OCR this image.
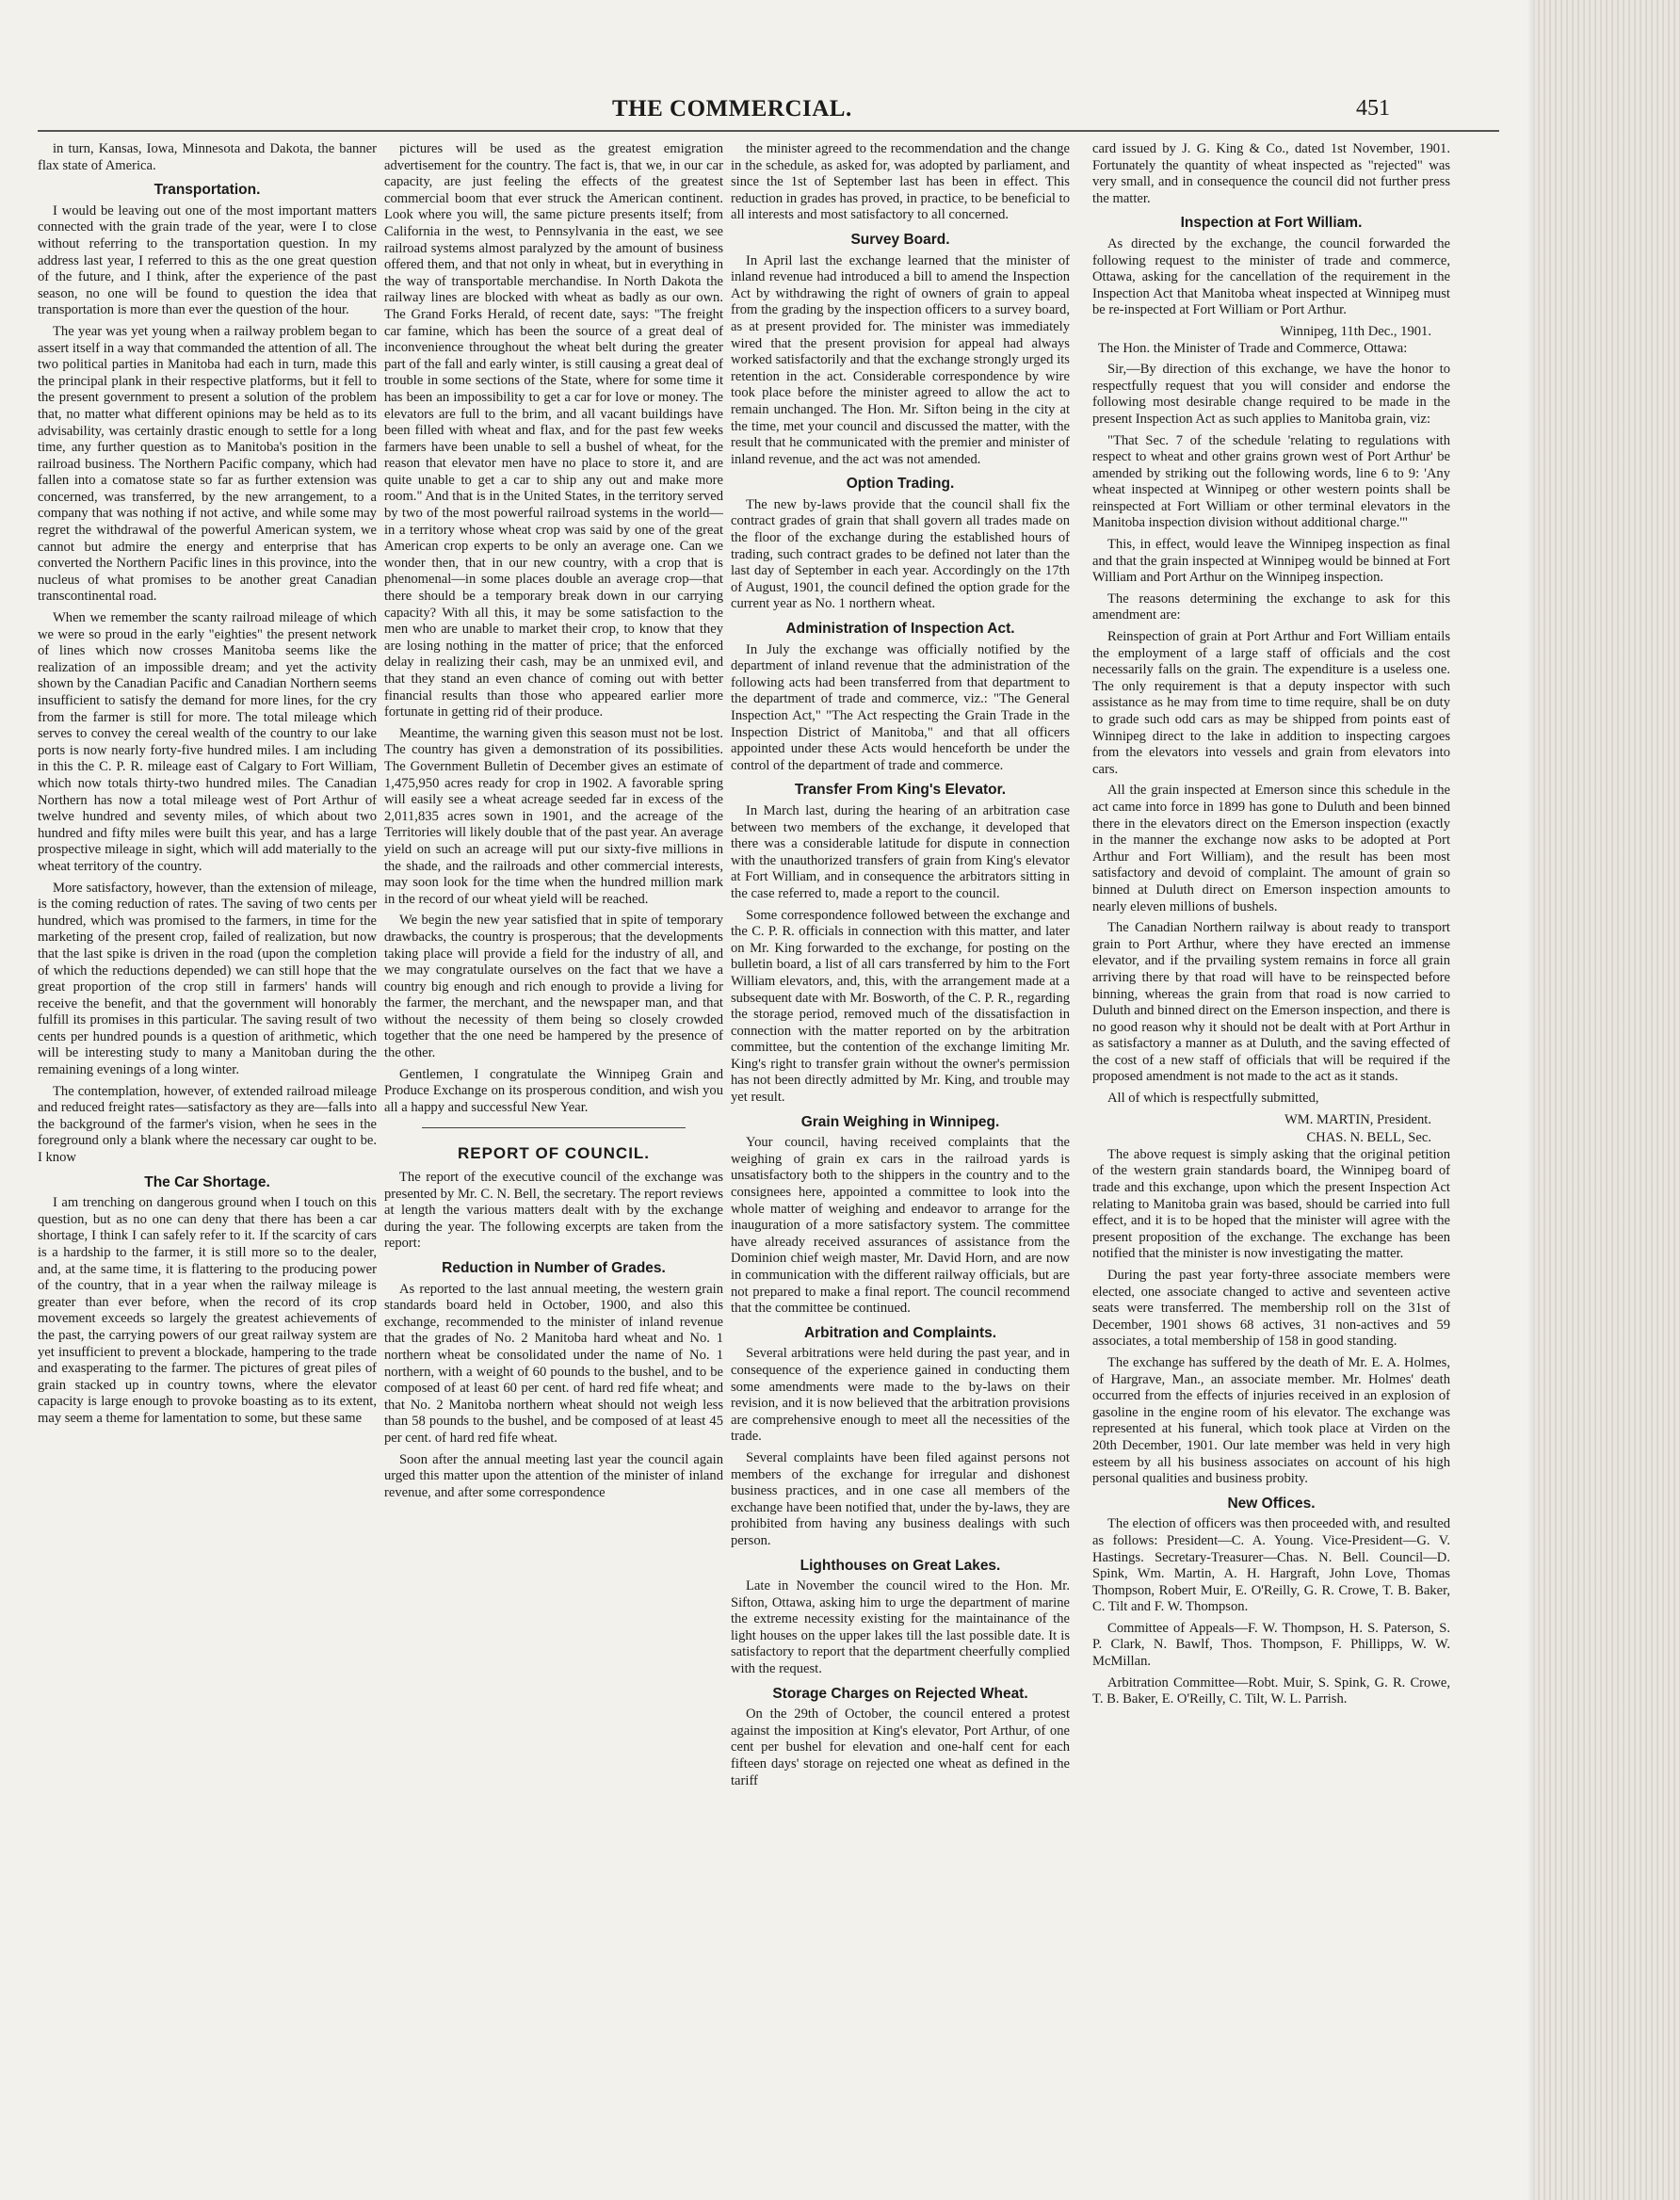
THE COMMERCIAL.	451

in turn, Kansas, Iowa, Minnesota and Dakota, the banner flax state of America.

Transportation.

I would be leaving out one of the most important matters connected with the grain trade of the year, were I to close without referring to the transportation question. In my address last year, I referred to this as the one great question of the future, and I think, after the experience of the past season, no one will be found to question the idea that transportation is more than ever the question of the hour.

The year was yet young when a railway problem began to assert itself in a way that commanded the attention of all. The two political parties in Manitoba had each in turn, made this the principal plank in their respective platforms, but it fell to the present government to present a solution of the problem that, no matter what different opinions may be held as to its advisability, was certainly drastic enough to settle for a long time, any further question as to Manitoba's position in the railroad business. The Northern Pacific company, which had fallen into a comatose state so far as further extension was concerned, was transferred, by the new arrangement, to a company that was nothing if not active, and while some may regret the withdrawal of the powerful American system, we cannot but admire the energy and enterprise that has converted the Northern Pacific lines in this province, into the nucleus of what promises to be another great Canadian transcontinental road.

When we remember the scanty railroad mileage of which we were so proud in the early "eighties" the present network of lines which now crosses Manitoba seems like the realization of an impossible dream; and yet the activity shown by the Canadian Pacific and Canadian Northern seems insufficient to satisfy the demand for more lines, for the cry from the farmer is still for more. The total mileage which serves to convey the cereal wealth of the country to our lake ports is now nearly forty-five hundred miles. I am including in this the C. P. R. mileage east of Calgary to Fort William, which now totals thirty-two hundred miles. The Canadian Northern has now a total mileage west of Port Arthur of twelve hundred and seventy miles, of which about two hundred and fifty miles were built this year, and has a large prospective mileage in sight, which will add materially to the wheat territory of the country.

More satisfactory, however, than the extension of mileage, is the coming reduction of rates. The saving of two cents per hundred, which was promised to the farmers, in time for the marketing of the present crop, failed of realization, but now that the last spike is driven in the road (upon the completion of which the reductions depended) we can still hope that the great proportion of the crop still in farmers' hands will receive the benefit, and that the government will honorably fulfill its promises in this particular. The saving result of two cents per hundred pounds is a question of arithmetic, which will be interesting study to many a Manitoban during the remaining evenings of a long winter.

The contemplation, however, of extended railroad mileage and reduced freight rates—satisfactory as they are—falls into the background of the farmer's vision, when he sees in the foreground only a blank where the necessary car ought to be. I know

The Car Shortage.

I am trenching on dangerous ground when I touch on this question, but as no one can deny that there has been a car shortage, I think I can safely refer to it. If the scarcity of cars is a hardship to the farmer, it is still more so to the dealer, and, at the same time, it is flattering to the producing power of the country, that in a year when the railway mileage is greater than ever before, when the record of its crop movement exceeds so largely the greatest achievements of the past, the carrying powers of our great railway system are yet insufficient to prevent a blockade, hampering to the trade and exasperating to the farmer. The pictures of great piles of grain stacked up in country towns, where the elevator capacity is large enough to provoke boasting as to its extent, may seem a theme for lamentation to some, but these same

pictures will be used as the greatest emigration advertisement for the country. The fact is, that we, in our car capacity, are just feeling the effects of the greatest commercial boom that ever struck the American continent. Look where you will, the same picture presents itself; from California in the west, to Pennsylvania in the east, we see railroad systems almost paralyzed by the amount of business offered them, and that not only in wheat, but in everything in the way of transportable merchandise. In North Dakota the railway lines are blocked with wheat as badly as our own. The Grand Forks Herald, of recent date, says: "The freight car famine, which has been the source of a great deal of inconvenience throughout the wheat belt during the greater part of the fall and early winter, is still causing a great deal of trouble in some sections of the State, where for some time it has been an impossibility to get a car for love or money. The elevators are full to the brim, and all vacant buildings have been filled with wheat and flax, and for the past few weeks farmers have been unable to sell a bushel of wheat, for the reason that elevator men have no place to store it, and are quite unable to get a car to ship any out and make more room." And that is in the United States, in the territory served by two of the most powerful railroad systems in the world—in a territory whose wheat crop was said by one of the great American crop experts to be only an average one. Can we wonder then, that in our new country, with a crop that is phenomenal—in some places double an average crop—that there should be a temporary break down in our carrying capacity? With all this, it may be some satisfaction to the men who are unable to market their crop, to know that they are losing nothing in the matter of price; that the enforced delay in realizing their cash, may be an unmixed evil, and that they stand an even chance of coming out with better financial results than those who appeared earlier more fortunate in getting rid of their produce.

Meantime, the warning given this season must not be lost. The country has given a demonstration of its possibilities. The Government Bulletin of December gives an estimate of 1,475,950 acres ready for crop in 1902. A favorable spring will easily see a wheat acreage seeded far in excess of the 2,011,835 acres sown in 1901, and the acreage of the Territories will likely double that of the past year. An average yield on such an acreage will put our sixty-five millions in the shade, and the railroads and other commercial interests, may soon look for the time when the hundred million mark in the record of our wheat yield will be reached.

We begin the new year satisfied that in spite of temporary drawbacks, the country is prosperous; that the developments taking place will provide a field for the industry of all, and we may congratulate ourselves on the fact that we have a country big enough and rich enough to provide a living for the farmer, the merchant, and the newspaper man, and that without the necessity of them being so closely crowded together that the one need be hampered by the presence of the other.

Gentlemen, I congratulate the Winnipeg Grain and Produce Exchange on its prosperous condition, and wish you all a happy and successful New Year.

REPORT OF COUNCIL.

The report of the executive council of the exchange was presented by Mr. C. N. Bell, the secretary. The report reviews at length the various matters dealt with by the exchange during the year. The following excerpts are taken from the report:

Reduction in Number of Grades.

As reported to the last annual meeting, the western grain standards board held in October, 1900, and also this exchange, recommended to the minister of inland revenue that the grades of No. 2 Manitoba hard wheat and No. 1 northern wheat be consolidated under the name of No. 1 northern, with a weight of 60 pounds to the bushel, and to be composed of at least 60 per cent. of hard red fife wheat; and that No. 2 Manitoba northern wheat should not weigh less than 58 pounds to the bushel, and be composed of at least 45 per cent. of hard red fife wheat.

Soon after the annual meeting last year the council again urged this matter upon the attention of the minister of inland revenue, and after some correspondence

the minister agreed to the recommendation and the change in the schedule, as asked for, was adopted by parliament, and since the 1st of September last has been in effect. This reduction in grades has proved, in practice, to be beneficial to all interests and most satisfactory to all concerned.

Survey Board.

In April last the exchange learned that the minister of inland revenue had introduced a bill to amend the Inspection Act by withdrawing the right of owners of grain to appeal from the grading by the inspection officers to a survey board, as at present provided for. The minister was immediately wired that the present provision for appeal had always worked satisfactorily and that the exchange strongly urged its retention in the act. Considerable correspondence by wire took place before the minister agreed to allow the act to remain unchanged. The Hon. Mr. Sifton being in the city at the time, met your council and discussed the matter, with the result that he communicated with the premier and minister of inland revenue, and the act was not amended.

Option Trading.

The new by-laws provide that the council shall fix the contract grades of grain that shall govern all trades made on the floor of the exchange during the established hours of trading, such contract grades to be defined not later than the last day of September in each year. Accordingly on the 17th of August, 1901, the council defined the option grade for the current year as No. 1 northern wheat.

Administration of Inspection Act.

In July the exchange was officially notified by the department of inland revenue that the administration of the following acts had been transferred from that department to the department of trade and commerce, viz.: "The General Inspection Act," "The Act respecting the Grain Trade in the Inspection District of Manitoba," and that all officers appointed under these Acts would henceforth be under the control of the department of trade and commerce.

Transfer From King's Elevator.

In March last, during the hearing of an arbitration case between two members of the exchange, it developed that there was a considerable latitude for dispute in connection with the unauthorized transfers of grain from King's elevator at Fort William, and in consequence the arbitrators sitting in the case referred to, made a report to the council.

Some correspondence followed between the exchange and the C. P. R. officials in connection with this matter, and later on Mr. King forwarded to the exchange, for posting on the bulletin board, a list of all cars transferred by him to the Fort William elevators, and, this, with the arrangement made at a subsequent date with Mr. Bosworth, of the C. P. R., regarding the storage period, removed much of the dissatisfaction in connection with the matter reported on by the arbitration committee, but the contention of the exchange limiting Mr. King's right to transfer grain without the owner's permission has not been directly admitted by Mr. King, and trouble may yet result.

Grain Weighing in Winnipeg.

Your council, having received complaints that the weighing of grain ex cars in the railroad yards is unsatisfactory both to the shippers in the country and to the consignees here, appointed a committee to look into the whole matter of weighing and endeavor to arrange for the inauguration of a more satisfactory system. The committee have already received assurances of assistance from the Dominion chief weigh master, Mr. David Horn, and are now in communication with the different railway officials, but are not prepared to make a final report. The council recommend that the committee be continued.

Arbitration and Complaints.

Several arbitrations were held during the past year, and in consequence of the experience gained in conducting them some amendments were made to the by-laws on their revision, and it is now believed that the arbitration provisions are comprehensive enough to meet all the necessities of the trade.

Several complaints have been filed against persons not members of the exchange for irregular and dishonest business practices, and in one case all members of the exchange have been notified that, under the by-laws, they are prohibited from having any business dealings with such person.

Lighthouses on Great Lakes.

Late in November the council wired to the Hon. Mr. Sifton, Ottawa, asking him to urge the department of marine the extreme necessity existing for the maintainance of the light houses on the upper lakes till the last possible date. It is satisfactory to report that the department cheerfully complied with the request.

Storage Charges on Rejected Wheat.

On the 29th of October, the council entered a protest against the imposition at King's elevator, Port Arthur, of one cent per bushel for elevation and one-half cent for each fifteen days' storage on rejected one wheat as defined in the tariff

card issued by J. G. King & Co., dated 1st November, 1901. Fortunately the quantity of wheat inspected as "rejected" was very small, and in consequence the council did not further press the matter.

Inspection at Fort William.

As directed by the exchange, the council forwarded the following request to the minister of trade and commerce, Ottawa, asking for the cancellation of the requirement in the Inspection Act that Manitoba wheat inspected at Winnipeg must be re-inspected at Fort William or Port Arthur.

Winnipeg, 11th Dec., 1901.

The Hon. the Minister of Trade and Commerce, Ottawa:

Sir,—By direction of this exchange, we have the honor to respectfully request that you will consider and endorse the following most desirable change required to be made in the present Inspection Act as such applies to Manitoba grain, viz:

"That Sec. 7 of the schedule 'relating to regulations with respect to wheat and other grains grown west of Port Arthur' be amended by striking out the following words, line 6 to 9: 'Any wheat inspected at Winnipeg or other western points shall be reinspected at Fort William or other terminal elevators in the Manitoba inspection division without additional charge.'"

This, in effect, would leave the Winnipeg inspection as final and that the grain inspected at Winnipeg would be binned at Fort William and Port Arthur on the Winnipeg inspection.

The reasons determining the exchange to ask for this amendment are:

Reinspection of grain at Port Arthur and Fort William entails the employment of a large staff of officials and the cost necessarily falls on the grain. The expenditure is a useless one. The only requirement is that a deputy inspector with such assistance as he may from time to time require, shall be on duty to grade such odd cars as may be shipped from points east of Winnipeg direct to the lake in addition to inspecting cargoes from the elevators into vessels and grain from elevators into cars.

All the grain inspected at Emerson since this schedule in the act came into force in 1899 has gone to Duluth and been binned there in the elevators direct on the Emerson inspection (exactly in the manner the exchange now asks to be adopted at Port Arthur and Fort William), and the result has been most satisfactory and devoid of complaint. The amount of grain so binned at Duluth direct on Emerson inspection amounts to nearly eleven millions of bushels.

The Canadian Northern railway is about ready to transport grain to Port Arthur, where they have erected an immense elevator, and if the prvailing system remains in force all grain arriving there by that road will have to be reinspected before binning, whereas the grain from that road is now carried to Duluth and binned direct on the Emerson inspection, and there is no good reason why it should not be dealt with at Port Arthur in as satisfactory a manner as at Duluth, and the saving effected of the cost of a new staff of officials that will be required if the proposed amendment is not made to the act as it stands.

All of which is respectfully submitted,

WM. MARTIN, President.

CHAS. N. BELL, Sec.

The above request is simply asking that the original petition of the western grain standards board, the Winnipeg board of trade and this exchange, upon which the present Inspection Act relating to Manitoba grain was based, should be carried into full effect, and it is to be hoped that the minister will agree with the present proposition of the exchange. The exchange has been notified that the minister is now investigating the matter.

During the past year forty-three associate members were elected, one associate changed to active and seventeen active seats were transferred. The membership roll on the 31st of December, 1901 shows 68 actives, 31 non-actives and 59 associates, a total membership of 158 in good standing.

The exchange has suffered by the death of Mr. E. A. Holmes, of Hargrave, Man., an associate member. Mr. Holmes' death occurred from the effects of injuries received in an explosion of gasoline in the engine room of his elevator. The exchange was represented at his funeral, which took place at Virden on the 20th December, 1901. Our late member was held in very high esteem by all his business associates on account of his high personal qualities and business probity.

New Offices.

The election of officers was then proceeded with, and resulted as follows: President—C. A. Young. Vice-President—G. V. Hastings. Secretary-Treasurer—Chas. N. Bell. Council—D. Spink, Wm. Martin, A. H. Hargraft, John Love, Thomas Thompson, Robert Muir, E. O'Reilly, G. R. Crowe, T. B. Baker, C. Tilt and F. W. Thompson.

Committee of Appeals—F. W. Thompson, H. S. Paterson, S. P. Clark, N. Bawlf, Thos. Thompson, F. Phillipps, W. W. McMillan.

Arbitration Committee—Robt. Muir, S. Spink, G. R. Crowe, T. B. Baker, E. O'Reilly, C. Tilt, W. L. Parrish.
